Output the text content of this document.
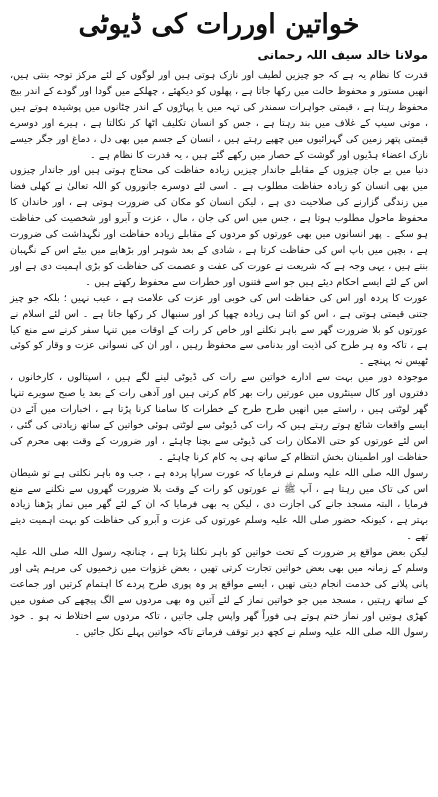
خواتین اوررات کی ڈیوٹی
مولانا خالد سیف اللہ رحمانی

قدرت کا نظام یہ ہے کہ جو چیزیں لطیف اور نازک ہوتی ہیں اور لوگوں کے لئے مرکز توجہ بنتی ہیں، انھیں مستور و محفوظ حالت میں رکھا جاتا ہے ، پھلوں کو دیکھئے ، چھلکے میں گودا اور گودے کے اندر بیج محفوظ رہتا ہے ، قیمتی جواہرات سمندر کی تہہ میں یا پہاڑوں کے اندر چٹانوں میں پوشیدہ ہوتے ہیں ، موتی سیپ کے غلاف میں بند رہتا ہے ، جس کو انسان تکلیف اٹھا کر نکالتا ہے ، ہیرے اور دوسرے قیمتی پتھر زمین کی گہرائیوں میں چھپے رہتے ہیں ، انسان کے جسم میں بھی دل ، دماغ اور جگر جیسے نازک اعضاء ہڈیوں اور گوشت کے حصار میں رکھے گئے ہیں ، یہ قدرت کا نظام ہے ۔

دنیا میں بے جان چیزوں کے مقابلے جاندار چیزیں زیادہ حفاظت کی محتاج ہوتی ہیں اور جاندار چیزوں میں بھی انسان کو زیادہ حفاظت مطلوب ہے ۔ اسی لئے دوسرے جانوروں کو اللہ تعالیٰ نے کھلی فضا میں زندگی گزارنے کی صلاحیت دی ہے ، لیکن انسان کو مکان کی ضرورت ہوتی ہے ، اور خاندان کا محفوظ ماحول مطلوب ہوتا ہے ، جس میں اس کی جان ، مال ، عزت و آبرو اور شخصیت کی حفاظت ہو سکے ۔ پھر انسانوں میں بھی عورتوں کو مردوں کے مقابلے زیادہ حفاظت اور نگہداشت کی ضرورت ہے ، بچپن میں باپ اس کی حفاظت کرتا ہے ، شادی کے بعد شوہر اور بڑھاپے میں بیٹے اس کے نگہبان بنتے ہیں ، یہی وجہ ہے کہ شریعت نے عورت کی عفت و عصمت کی حفاظت کو بڑی اہمیت دی ہے اور اس کے لئے ایسے احکام دیئے ہیں جو اسے فتنوں اور خطرات سے محفوظ رکھتے ہیں ۔

عورت کا پردہ اور اس کی حفاظت اس کی خوبی اور عزت کی علامت ہے ، عیب نہیں ؛ بلکہ جو چیز جتنی قیمتی ہوتی ہے ، اس کو اتنا ہی زیادہ چھپا کر اور سنبھال کر رکھا جاتا ہے ۔ اس لئے اسلام نے عورتوں کو بلا ضرورت گھر سے باہر نکلنے اور خاص کر رات کے اوقات میں تنہا سفر کرنے سے منع کیا ہے ، تاکہ وہ ہر طرح کی اذیت اور بدنامی سے محفوظ رہیں ، اور ان کی نسوانی عزت و وقار کو کوئی ٹھیس نہ پہنچے ۔

موجودہ دور میں بہت سے ادارے خواتین سے رات کی ڈیوٹی لینے لگے ہیں ، اسپتالوں ، کارخانوں ، دفتروں اور کال سینٹروں میں عورتیں رات بھر کام کرتی ہیں اور آدھی رات کے بعد یا صبح سویرے تنہا گھر لوٹتی ہیں ، راستے میں انھیں طرح طرح کے خطرات کا سامنا کرنا پڑتا ہے ، اخبارات میں آئے دن ایسے واقعات شائع ہوتے رہتے ہیں کہ رات کی ڈیوٹی سے لوٹتی ہوئی خواتین کے ساتھ زیادتی کی گئی ، اس لئے عورتوں کو حتی الامکان رات کی ڈیوٹی سے بچنا چاہئے ، اور ضرورت کے وقت بھی محرم کی حفاظت اور اطمینان بخش انتظام کے ساتھ ہی یہ کام کرنا چاہئے ۔

رسول اللہ صلی اللہ علیہ وسلم نے فرمایا کہ عورت سراپا پردہ ہے ، جب وہ باہر نکلتی ہے تو شیطان اس کی تاک میں رہتا ہے ، آپ ﷺ نے عورتوں کو رات کے وقت بلا ضرورت گھروں سے نکلنے سے منع فرمایا ، البتہ مسجد جانے کی اجازت دی ، لیکن یہ بھی فرمایا کہ ان کے لئے گھر میں نماز پڑھنا زیادہ بہتر ہے ، کیونکہ حضور صلی اللہ علیہ وسلم عورتوں کی عزت و آبرو کی حفاظت کو بہت اہمیت دیتے تھے ۔

لیکن بعض مواقع پر ضرورت کے تحت خواتین کو باہر نکلنا پڑتا ہے ، چنانچہ رسول اللہ صلی اللہ علیہ وسلم کے زمانہ میں بھی بعض خواتین تجارت کرتی تھیں ، بعض غزوات میں زخمیوں کی مرہم پٹی اور پانی پلانے کی خدمت انجام دیتی تھیں ، ایسے مواقع پر وہ پوری طرح پردے کا اہتمام کرتیں اور جماعت کے ساتھ رہتیں ، مسجد میں جو خواتین نماز کے لئے آتیں وہ بھی مردوں سے الگ پیچھے کی صفوں میں کھڑی ہوتیں اور نماز ختم ہوتے ہی فوراً گھر واپس چلی جاتیں ، تاکہ مردوں سے اختلاط نہ ہو ۔ خود رسول اللہ صلی اللہ علیہ وسلم نے کچھ دیر توقف فرماتے تاکہ خواتین پہلے نکل جائیں ۔
